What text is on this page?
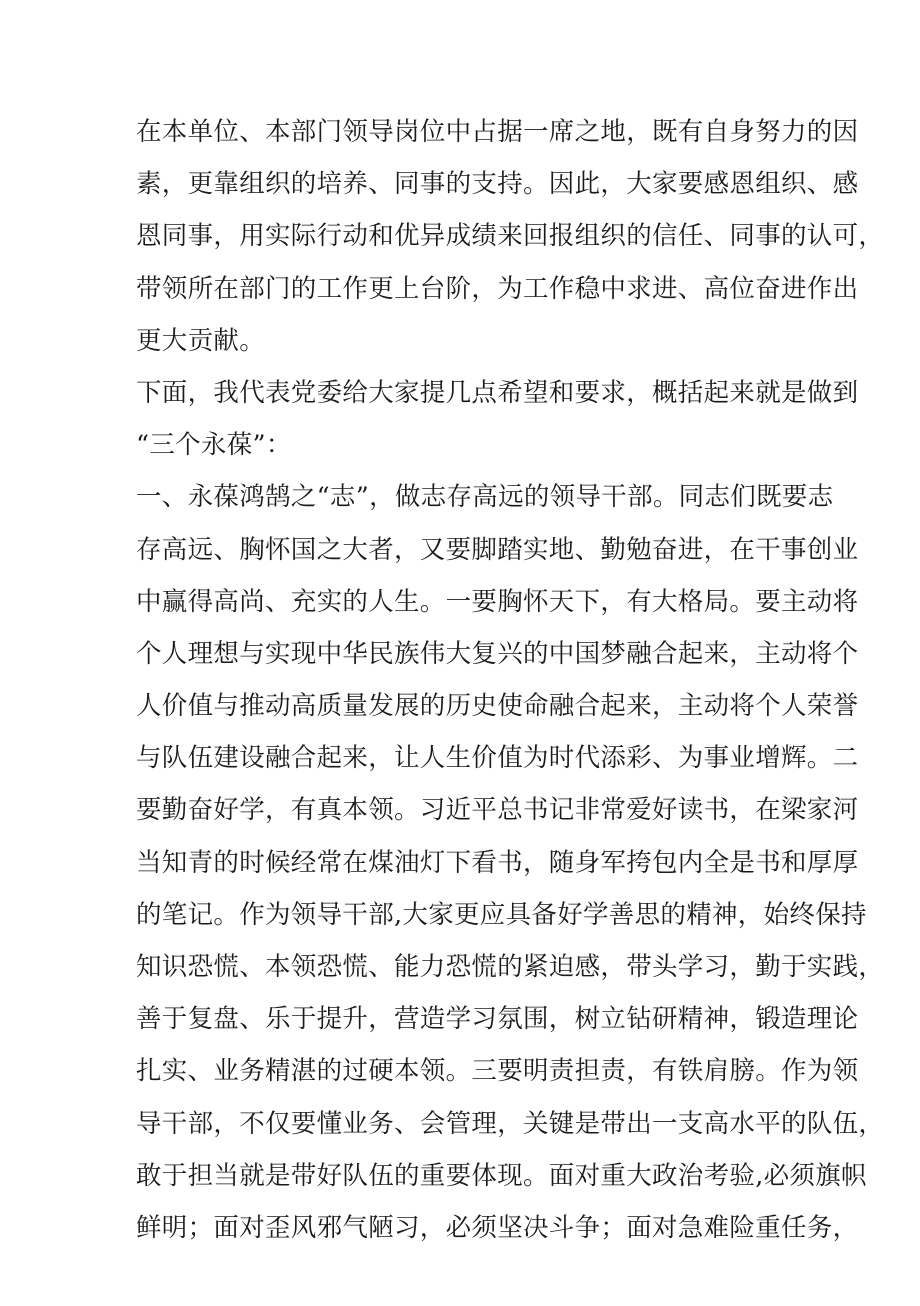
在本单位、本部门领导岗位中占据一席之地，既有自身努力的因
素，更靠组织的培养、同事的支持。因此，大家要感恩组织、感
恩同事，用实际行动和优异成绩来回报组织的信任、同事的认可，
带领所在部门的工作更上台阶，为工作稳中求进、高位奋进作出
更大贡献。
下面，我代表党委给大家提几点希望和要求，概括起来就是做到
“三个永葆”：
一、永葆鸿鹄之“志”，做志存高远的领导干部。同志们既要志
存高远、胸怀国之大者，又要脚踏实地、勤勉奋进，在干事创业
中赢得高尚、充实的人生。一要胸怀天下，有大格局。要主动将
个人理想与实现中华民族伟大复兴的中国梦融合起来，主动将个
人价值与推动高质量发展的历史使命融合起来，主动将个人荣誉
与队伍建设融合起来，让人生价值为时代添彩、为事业增辉。二
要勤奋好学，有真本领。习近平总书记非常爱好读书，在梁家河
当知青的时候经常在煤油灯下看书，随身军挎包内全是书和厚厚
的笔记。作为领导干部,大家更应具备好学善思的精神，始终保持
知识恐慌、本领恐慌、能力恐慌的紧迫感，带头学习，勤于实践，
善于复盘、乐于提升，营造学习氛围，树立钻研精神，锻造理论
扎实、业务精湛的过硬本领。三要明责担责，有铁肩膀。作为领
导干部，不仅要懂业务、会管理，关键是带出一支高水平的队伍，
敢于担当就是带好队伍的重要体现。面对重大政治考验,必须旗帜
鲜明；面对歪风邪气陋习，必须坚决斗争；面对急难险重任务，
